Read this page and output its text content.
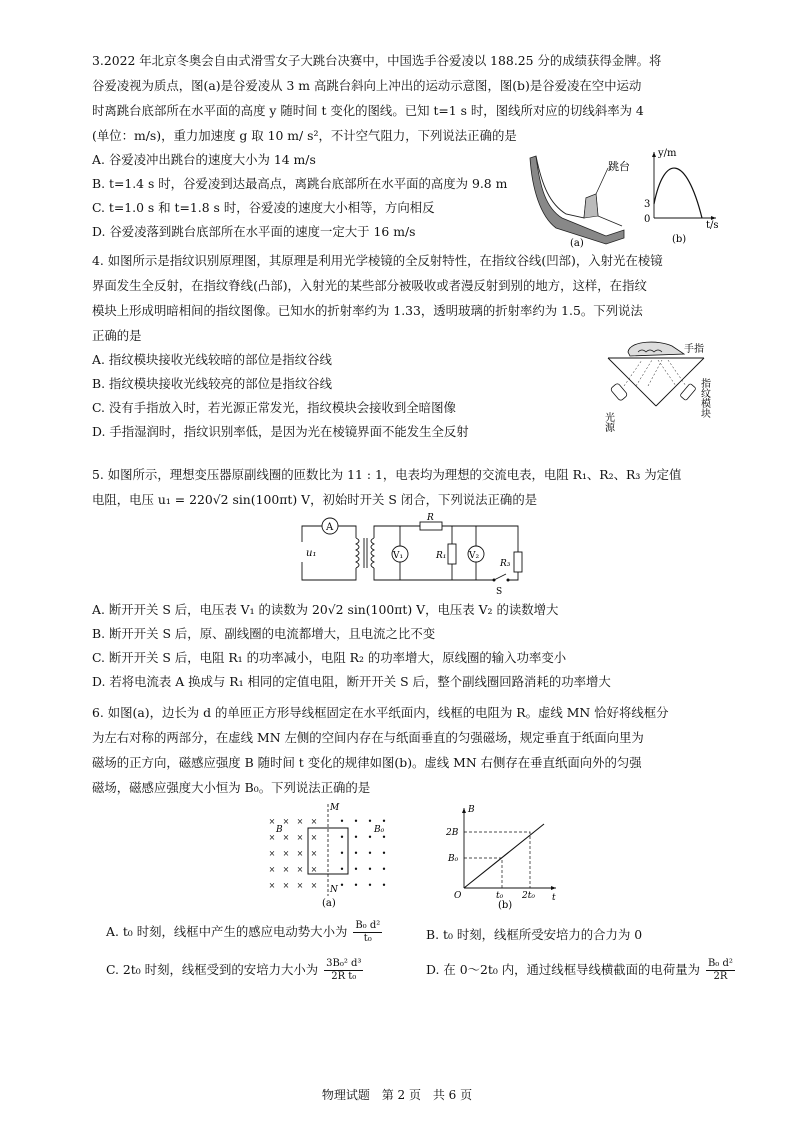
3.2022 年北京冬奥会自由式滑雪女子大跳台决赛中，中国选手谷爱凌以 188.25 分的成绩获得金牌。将
谷爱凌视为质点，图(a)是谷爱凌从 3 m 高跳台斜向上冲出的运动示意图，图(b)是谷爱凌在空中运动
时离跳台底部所在水平面的高度 y 随时间 t 变化的图线。已知 t=1 s 时，图线所对应的切线斜率为 4
(单位：m/s)，重力加速度 g 取 10 m/ s²，不计空气阻力，下列说法正确的是
A. 谷爱凌冲出跳台的速度大小为 14 m/s
B. t=1.4 s 时，谷爱凌到达最高点，离跳台底部所在水平面的高度为 9.8 m
C. t=1.0 s 和 t=1.8 s 时，谷爱凌的速度大小相等，方向相反
D. 谷爱凌落到跳台底部所在水平面的速度一定大于 16 m/s
跳台
(a)
y/m
t/s
3
0
(b)
4. 如图所示是指纹识别原理图，其原理是利用光学棱镜的全反射特性，在指纹谷线(凹部)，入射光在棱镜
界面发生全反射，在指纹脊线(凸部)，入射光的某些部分被吸收或者漫反射到别的地方，这样，在指纹
模块上形成明暗相间的指纹图像。已知水的折射率约为 1.33，透明玻璃的折射率约为 1.5。下列说法
正确的是
A. 指纹模块接收光线较暗的部位是指纹谷线
B. 指纹模块接收光线较亮的部位是指纹谷线
C. 没有手指放入时，若光源正常发光，指纹模块会接收到全暗图像
D. 手指湿润时，指纹识别率低，是因为光在棱镜界面不能发生全反射
手指
光源
指纹模块
5. 如图所示，理想变压器原副线圈的匝数比为 11 : 1，电表均为理想的交流电表，电阻 R₁、R₂、R₃ 为定值
电阻，电压 u₁ = 220√2 sin(100πt) V，初始时开关 S 闭合，下列说法正确的是
A
u₁	V₁	V₂
R
R₁
R₃
S
A. 断开开关 S 后，电压表 V₁ 的读数为 20√2 sin(100πt) V，电压表 V₂ 的读数增大
B. 断开开关 S 后，原、副线圈的电流都增大，且电流之比不变
C. 断开开关 S 后，电阻 R₁ 的功率减小，电阻 R₂ 的功率增大，原线圈的输入功率变小
D. 若将电流表 A 换成与 R₁ 相同的定值电阻，断开开关 S 后，整个副线圈回路消耗的功率增大
6. 如图(a)，边长为 d 的单匝正方形导线框固定在水平纸面内，线框的电阻为 R。虚线 MN 恰好将线框分
为左右对称的两部分，在虚线 MN 左侧的空间内存在与纸面垂直的匀强磁场，规定垂直于纸面向里为
磁场的正方向，磁感应强度 B 随时间 t 变化的规律如图(b)。虚线 MN 右侧存在垂直纸面向外的匀强
磁场，磁感应强度大小恒为 B₀。下列说法正确的是
× × × ×	• • • •
× × × ×	• • • •
× × × ×	• • • •
× × × ×	• • • •
× × × ×	• • • •
M
N
B	B₀
(a)
B
t
2B
B₀
t₀ 2t₀
O
(b)
A. t₀ 时刻，线框中产生的感应电动势大小为 $\frac{\text{B₀ d²}}{\text{t₀}}$	B. t₀ 时刻，线框所受安培力的合力为 0
C. 2t₀ 时刻，线框受到的安培力大小为 $\frac{\text{3B₀² d³}}{\text{2R t₀}}$	D. 在 0～2t₀ 内，通过线框导线横截面的电荷量为 $\frac{\text{B₀ d²}}{2R}$
物理试题 第 2 页 共 6 页
